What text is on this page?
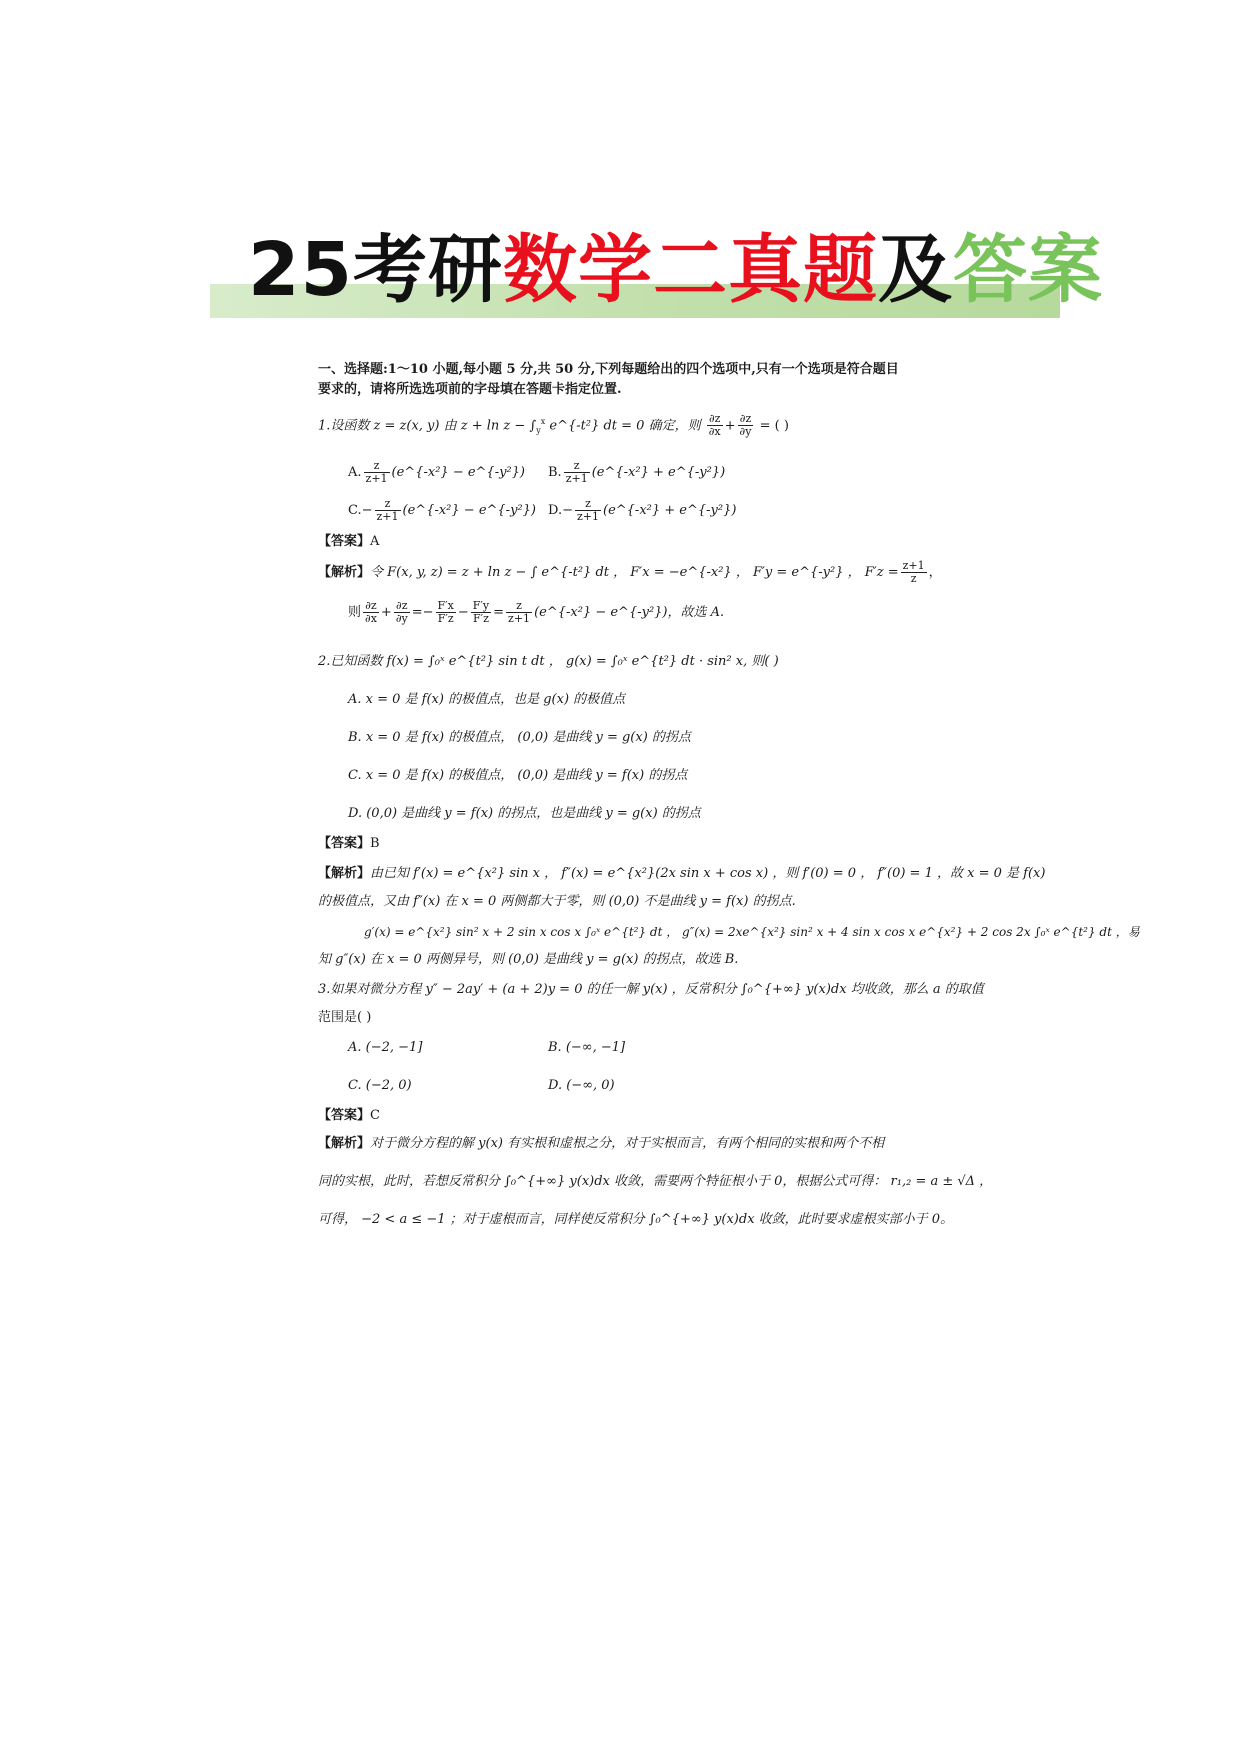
25考研数学二真题及答案
一、选择题:1～10 小题,每小题 5 分,共 50 分,下列每题给出的四个选项中,只有一个选项是符合题目
要求的，请将所选选项前的字母填在答题卡指定位置.
1.设函数 z = z(x, y) 由 $z + \ln z - \int_y^x$ e^{-t²} dt = 0 确定，则 $\frac{\partial z}{\partial x} + \frac{\partial z}{\partial y}$ = ( )
A. $\frac{z}{z+1}$ (e^{-x²} − e^{-y²}) B. $\frac{z}{z+1}$ (e^{-x²} + e^{-y²})
$C.- \frac{z}{z+1}$ (e^{-x²} − e^{-y²}) $D.- \frac{z}{z+1}$ (e^{-x²} + e^{-y²})
【答案】A
【解析】令 F(x, y, z) = z + ln z − ∫ e^{-t²} dt ， F′x = −e^{-x²} ， F′y = e^{-y²} ， $F'z = \frac{z+1}{z}$ ，
则 $\frac{\partial z}{\partial x} + \frac{\partial z}{\partial y} =- \frac{F'x}{F'z} - \frac{F'y}{F'z} = \frac{z}{z+1}$ (e^{-x²} − e^{-y²})，故选 A.
2.已知函数 f(x) = ∫₀ˣ e^{t²} sin t dt ， g(x) = ∫₀ˣ e^{t²} dt · sin² x, 则( )
A. x = 0 是 f(x) 的极值点，也是 g(x) 的极值点
B. x = 0 是 f(x) 的极值点， (0,0) 是曲线 y = g(x) 的拐点
C. x = 0 是 f(x) 的极值点， (0,0) 是曲线 y = f(x) 的拐点
D. (0,0) 是曲线 y = f(x) 的拐点，也是曲线 y = g(x) 的拐点
【答案】B
【解析】由已知 f′(x) = e^{x²} sin x ， f″(x) = e^{x²}(2x sin x + cos x) ，则 f′(0) = 0 ， f″(0) = 1 ，故 x = 0 是 f(x)
的极值点，又由 f″(x) 在 x = 0 两侧都大于零，则 (0,0) 不是曲线 y = f(x) 的拐点.
g′(x) = e^{x²} sin² x + 2 sin x cos x ∫₀ˣ e^{t²} dt ， g″(x) = 2xe^{x²} sin² x + 4 sin x cos x e^{x²} + 2 cos 2x ∫₀ˣ e^{t²} dt ，易
知 g″(x) 在 x = 0 两侧异号，则 (0,0) 是曲线 y = g(x) 的拐点，故选 B.
3.如果对微分方程 y″ − 2ay′ + (a + 2)y = 0 的任一解 y(x) ，反常积分 ∫₀^{+∞} y(x)dx 均收敛，那么 a 的取值
范围是( )
A. (−2, −1]	B. (−∞, −1]
C. (−2, 0)	D. (−∞, 0)
【答案】C
【解析】对于微分方程的解 y(x) 有实根和虚根之分，对于实根而言，有两个相同的实根和两个不相
同的实根，此时，若想反常积分 ∫₀^{+∞} y(x)dx 收敛，需要两个特征根小于 0，根据公式可得： r₁,₂ = a ± √Δ ，
可得， −2 < a ≤ −1 ；对于虚根而言，同样使反常积分 ∫₀^{+∞} y(x)dx 收敛，此时要求虚根实部小于 0。
